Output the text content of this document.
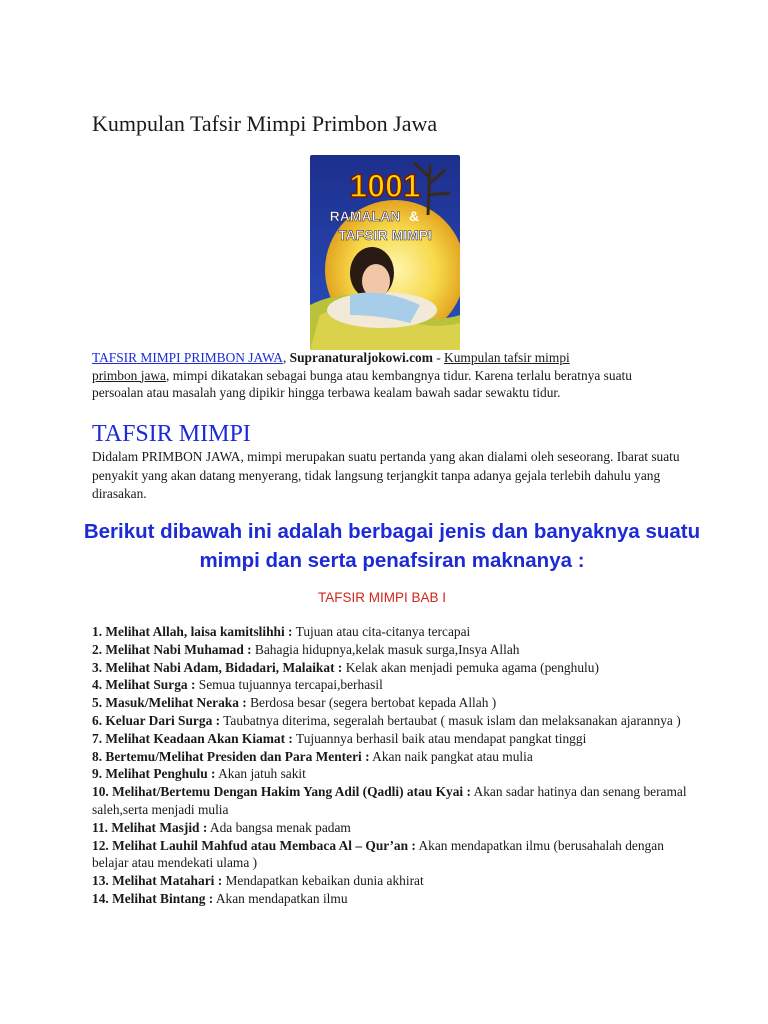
Kumpulan Tafsir Mimpi Primbon Jawa
1001
RAMALAN &
TAFSIR MIMPI
TAFSIR MIMPI PRIMBON JAWA, Supranaturaljokowi.com - Kumpulan tafsir mimpi
primbon jawa, mimpi dikatakan sebagai bunga atau kembangnya tidur. Karena terlalu beratnya suatu persoalan atau masalah yang dipikir hingga terbawa kealam bawah sadar sewaktu tidur.
TAFSIR MIMPI
Didalam PRIMBON JAWA, mimpi merupakan suatu pertanda yang akan dialami oleh seseorang. Ibarat suatu penyakit yang akan datang menyerang, tidak langsung terjangkit tanpa adanya gejala terlebih dahulu yang dirasakan.
Berikut dibawah ini adalah berbagai jenis dan banyaknya suatu mimpi dan serta penafsiran maknanya :
TAFSIR MIMPI BAB I
1. Melihat Allah, laisa kamitslihhi : Tujuan atau cita-citanya tercapai
2. Melihat Nabi Muhamad : Bahagia hidupnya,kelak masuk surga,Insya Allah
3. Melihat Nabi Adam, Bidadari, Malaikat : Kelak akan menjadi pemuka agama (penghulu)
4. Melihat Surga : Semua tujuannya tercapai,berhasil
5. Masuk/Melihat Neraka : Berdosa besar (segera bertobat kepada Allah )
6. Keluar Dari Surga : Taubatnya diterima, segeralah bertaubat ( masuk islam dan melaksanakan ajarannya )
7. Melihat Keadaan Akan Kiamat : Tujuannya berhasil baik atau mendapat pangkat tinggi
8. Bertemu/Melihat Presiden dan Para Menteri : Akan naik pangkat atau mulia
9. Melihat Penghulu : Akan jatuh sakit
10. Melihat/Bertemu Dengan Hakim Yang Adil (Qadli) atau Kyai : Akan sadar hatinya dan senang beramal saleh,serta menjadi mulia
11. Melihat Masjid : Ada bangsa menak padam
12. Melihat Lauhil Mahfud atau Membaca Al – Qur’an : Akan mendapatkan ilmu (berusahalah dengan belajar atau mendekati ulama )
13. Melihat Matahari : Mendapatkan kebaikan dunia akhirat
14. Melihat Bintang : Akan mendapatkan ilmu
